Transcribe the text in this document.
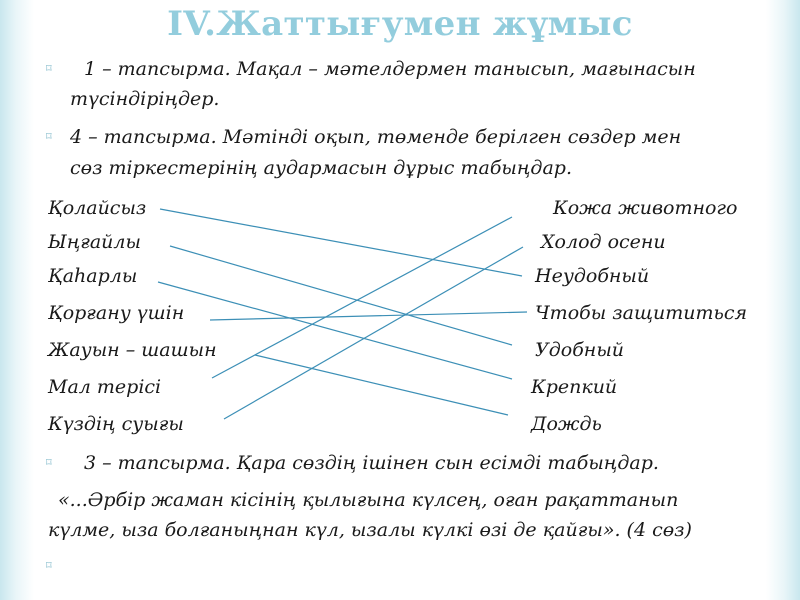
IV.Жаттығумен жұмыс
⌑ 1 – тапсырма. Мақал – мәтелдермен танысып, мағынасын
түсіндіріңдер.
⌑ 4 – тапсырма. Мәтінді оқып, төменде берілген сөздер мен
сөз тіркестерінің аудармасын дұрыс табыңдар.
Қолайсыз
Ыңғайлы
Қаһарлы
Қорғану үшін
Жауын – шашын
Мал терісі
Күздің суығы
Кожа животного
Холод осени
Неудобный
Чтобы защититься
Удобный
Крепкий
Дождь
⌑ 3 – тапсырма. Қара сөздің ішінен сын есімді табыңдар.
«...Әрбір жаман кісінің қылығына күлсең, оған рақаттанып
күлме, ыза болғаныңнан күл, ызалы күлкі өзі де қайғы». (4 сөз)
⌑
